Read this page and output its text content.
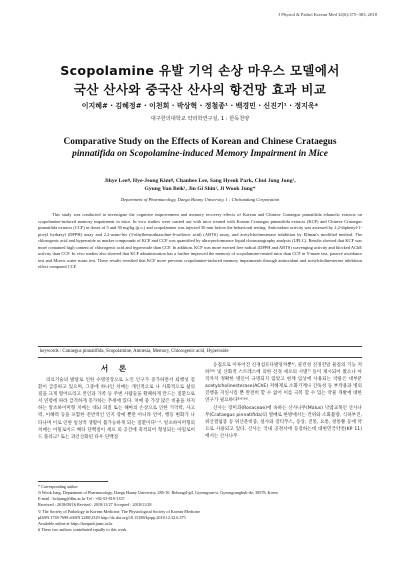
J Physiol & Pathol Korean Med 32(6):375~383, 2018
Scopolamine 유발 기억 손상 마우스 모델에서
국산 산사와 중국산 산사의 항건망 효과 비교
이지혜# · 김혜정# · 이천희 · 박상혁 · 정철종¹ · 백경민 · 신진기¹ · 정지욱*
대구한의대학교 약리학연구실, 1 : 한독천양
Comparative Study on the Effects of Korean and Chinese Crataegus
pinnatifida on Scopolamine-induced Memory Impairment in Mice
Jihye Lee#, Hye-Jeong Kim#, Chanhee Lee, Sang Hyeok Park, Chul Jong Jung¹,
Gyung Yun Beik¹, Jin Gi Shin¹, Ji Wook Jung*
Department of Pharmacology, Daegu Haany University, 1 : Chchundang Corporation

This study was conducted to investigate the cognitive improvement and memory recovery effects of Korean and Chinese Crataegus pinnatifida ethanolic extracts on scopolamine-induced memory impairment in mice. In vivo studies were carried out with mice treated with Korean Crataegus pinnatifida extracts (KCF) and Chinese Crataegus pinnatifida extracts (CCF) in doses of 5 and 50 mg/kg (p.o.) and scopolamine was injected 30 min before the behavioral testing. Antioxidant activity was assessed by 2,2-diphenyl-1-picryl hydrazyl (DPPH) assay and 2,2-azino-bis (3-ethylbenzothiazoline-6-sulfonic acid) (ABTS) assay, and acetylcholinesterase inhibition by Ellman's modified method. The chlorogenic acid and hyperoside as marker compounds of KCF and CCF was quantified by ultra-performance liquid chromatography analysis (UPLC). Results showed that KCF was more contained high content of chlorogenic acid and hyperoside than CCF. In addition, KCF was more exerted free radical (DPPH and ABTS) scavenging activity and blocked AChE activity than CCF. In vivo studies also showed that KCF administration has a further improved the memory of scopolamine-treated mice than CCF in Y-maze test, passive avoidance test and Morris water maze test. These results revealed that KCF more prevents scopolamine-induced memory impairments through antioxidant and acetylcholinesterase inhibition effect compared CCF.

keywords : Crataegus pinnatifida, Scopolamine, Amnesia, Memory, Chlorogenic acid, Hyperoside
서 론

의료기술의 발달로 인한 수명연장으로 노인 인구가 증가하면서 퇴행성 질환이 급증하고 있으며, 그중에 하나인 치매는 개인적으로 나 사회적으로 삶의 질을 크게 떨어뜨리고 본인과 가족 등 주변 사람들을 황폐하게 만드는 질환으로서 연령에 따라 급격하게 증가하는 추세에 있다. 치매 중 가장 많은 비율을 차지하는 알츠하이머형 치매는 대뇌 피질 또는 해마의 손상으로 인한 기억력, 사고력, 이해력 등을 포함한 전반적인 인지 장애 뿐만 아니라 언어, 행동 변화가 나타나며 이로 인한 일상적 생활이 불가능하게 되는 질환이다¹⁻². 알츠하이머형의 치매는 아밀로이드 베타 단백질이 세포 외 공간에 축적되어 형성되는 아밀로이드 플라크³ 또는 과인산화된 타우 단백질

응집으로 이루어진 신경섬유다발엉켜뿐⁴⁾, 콜린성 신경전달 물질의 기능 저하⁵⁾⁶⁾ 및 산화적 스트레스에 의한 신경 세포의 사멸⁷⁾ 등이 제시되어 왔으나 아직까지 정확한 병인이 규명되지 않았고 현재 임상에 사용되는 약물은 대부분 acetylcholinesterase(AChE) 저해제로 소화기계나 간독성 등 부작용과 병의 진행을 지연시킬 뿐 완전히 할 수 없어 이를 극복 할 수 있는 약물 개발에 대한 연구가 필요하다⁸⁾⁹⁾¹⁰⁾.

산사는 장미과(Rosaceae)에 속하는 산사나무(Malus) 낙엽교목인 산사나무(Crataegus pinnatifida)의 열매로 한방에서는 건위와 소화불량, 식욕부진, 위산결핍증 등 위산분비증, 설사와 장티푸스, 동상, 진통, 요통, 창통쭐 등에 약으로 사용되고 있다. 산사는 국내 공정서에 등장하는데 대한민국약전(KP 11)에서는 산사나무

* Corresponding author
Ji Wook Jung, Department of Pharmacology, Daegu Haany University, 285-10, Bohongil-gil, Gyeongsan-si, Gyeongsangbuk-do, 38578, Korea
E-mail : bchjung@dhu.ac.kr Tel : +82-53-819-1337
Received : 2018/08/16 Revised : 2018/11/27 Accepted : 2018/11/28
© The Society of Pathology in Korean Medicine, The Physiological Society of Korean Medicine
pISSN 1738-7698 eISSN 2288-2529 http://dx.doi.org/10.15188/kjopp.2018.12.32.6.375
Available online at https://kmpath.jams.or.kr
# These two authors contributed equally to this work.
